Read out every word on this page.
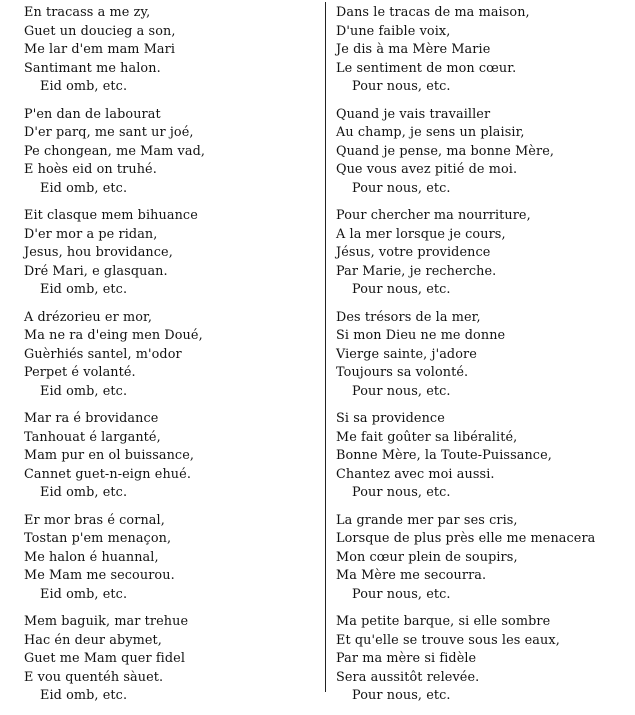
En tracass a me zy,
Guet un doucieg a son,
Me lar d'em mam Mari
Santimant me halon.
Eid omb, etc.
P'en dan de labourat
D'er parq, me sant ur joé,
Pe chongean, me Mam vad,
E hoès eid on truhé.
Eid omb, etc.
Eit clasque mem bihuance
D'er mor a pe ridan,
Jesus, hou brovidance,
Dré Mari, e glasquan.
Eid omb, etc.
A drézorieu er mor,
Ma ne ra d'eing men Doué,
Guèrhiés santel, m'odor
Perpet é volanté.
Eid omb, etc.
Mar ra é brovidance
Tanhouat é larganté,
Mam pur en ol buissance,
Cannet guet-n-eign ehué.
Eid omb, etc.
Er mor bras é cornal,
Tostan p'em menaçon,
Me halon é huannal,
Me Mam me secourou.
Eid omb, etc.
Mem baguik, mar trehue
Hac én deur abymet,
Guet me Mam quer fidel
E vou quentéh sàuet.
Eid omb, etc.
Dans le tracas de ma maison,
D'une faible voix,
Je dis à ma Mère Marie
Le sentiment de mon cœur.
Pour nous, etc.
Quand je vais travailler
Au champ, je sens un plaisir,
Quand je pense, ma bonne Mère,
Que vous avez pitié de moi.
Pour nous, etc.
Pour chercher ma nourriture,
A la mer lorsque je cours,
Jésus, votre providence
Par Marie, je recherche.
Pour nous, etc.
Des trésors de la mer,
Si mon Dieu ne me donne
Vierge sainte, j'adore
Toujours sa volonté.
Pour nous, etc.
Si sa providence
Me fait goûter sa libéralité,
Bonne Mère, la Toute-Puissance,
Chantez avec moi aussi.
Pour nous, etc.
La grande mer par ses cris,
Lorsque de plus près elle me menacera
Mon cœur plein de soupirs,
Ma Mère me secourra.
Pour nous, etc.
Ma petite barque, si elle sombre
Et qu'elle se trouve sous les eaux,
Par ma mère si fidèle
Sera aussitôt relevée.
Pour nous, etc.
